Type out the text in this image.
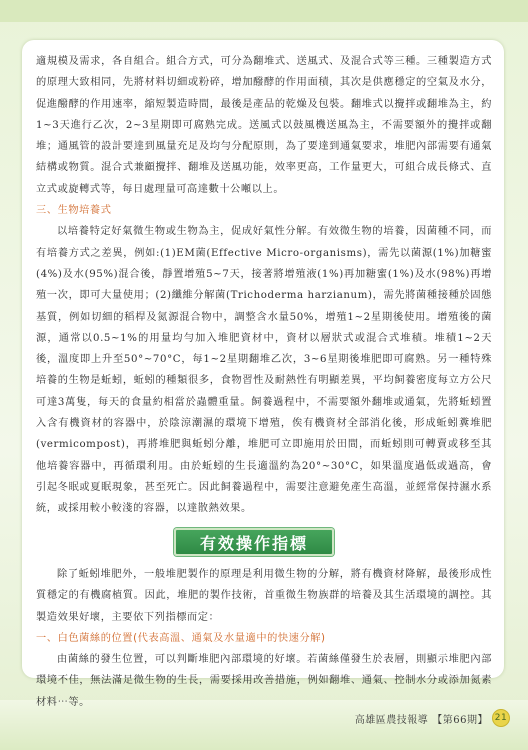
適規模及需求，各自組合。組合方式，可分為翻堆式、送風式、及混合式等三種。三種製造方式的原理大致相同，先將材料切細或粉碎，增加醱酵的作用面積，其次是供應穩定的空氣及水分，促進醱酵的作用速率，縮短製造時間，最後是產品的乾燥及包裝。翻堆式以攪拌或翻堆為主，約1~3天進行乙次，2~3星期即可腐熟完成。送風式以鼓風機送風為主，不需要額外的攪拌或翻堆；通風管的設計要達到風量充足及均勻分配原則，為了要達到通氣要求，堆肥內部需要有通氣結構或物質。混合式兼顧攪拌、翻堆及送風功能，效率更高，工作量更大，可組合成長條式、直立式或旋轉式等，每日處理量可高達數十公噸以上。

三、生物培養式

以培養特定好氣微生物或生物為主，促成好氣性分解。有效微生物的培養，因菌種不同，而有培養方式之差異，例如:(1)EM菌(Effective Micro-organisms)，需先以菌源(1%)加糖蜜(4%)及水(95%)混合後，靜置增殖5~7天，接著將增殖液(1%)再加糖蜜(1%)及水(98%)再增殖一次，即可大量使用；(2)纖維分解菌(Trichoderma harzianum)，需先將菌種接種於固態基質，例如切細的稻桿及氮源混合物中，調整含水量50%，增殖1~2星期後使用。增殖後的菌源，通常以0.5~1%的用量均勻加入堆肥資材中，資材以層狀式或混合式堆積。堆積1~2天後，溫度即上升至50°~70°C，每1~2星期翻堆乙次，3~6星期後堆肥即可腐熟。另一種特殊培養的生物是蚯蚓，蚯蚓的種類很多，食物習性及耐熱性有明顯差異，平均飼養密度每立方公尺可達3萬隻，每天的食量約相當於蟲體重量。飼養過程中，不需要額外翻堆或通氣，先將蚯蚓置入含有機資材的容器中，於陰涼潮濕的環境下增殖，俟有機資材全部消化後，形成蚯蚓糞堆肥(vermicompost)，再將堆肥與蚯蚓分離，堆肥可立即施用於田間，而蚯蚓則可轉賣或移至其他培養容器中，再循環利用。由於蚯蚓的生長適溫約為20°~30°C，如果溫度過低或過高，會引起冬眠或夏眠現象，甚至死亡。因此飼養過程中，需要注意避免產生高溫，並經常保持濕水系統，或採用較小較淺的容器，以達散熱效果。

有效操作指標

除了蚯蚓堆肥外，一般堆肥製作的原理是利用微生物的分解，將有機資材降解，最後形成性質穩定的有機腐植質。因此，堆肥的製作技術，首重微生物族群的培養及其生活環境的調控。其製造效果好壞，主要依下列指標而定：

一、白色菌絲的位置(代表高溫、通氣及水量適中的快速分解)

由菌絲的發生位置，可以判斷堆肥內部環境的好壞。若菌絲僅發生於表層，則顯示堆肥內部環境不佳，無法滿足微生物的生長，需要採用改善措施，例如翻堆、通氣、控制水分或添加氮素材料⋯等。

高雄區農技報導 【第66期】 21
